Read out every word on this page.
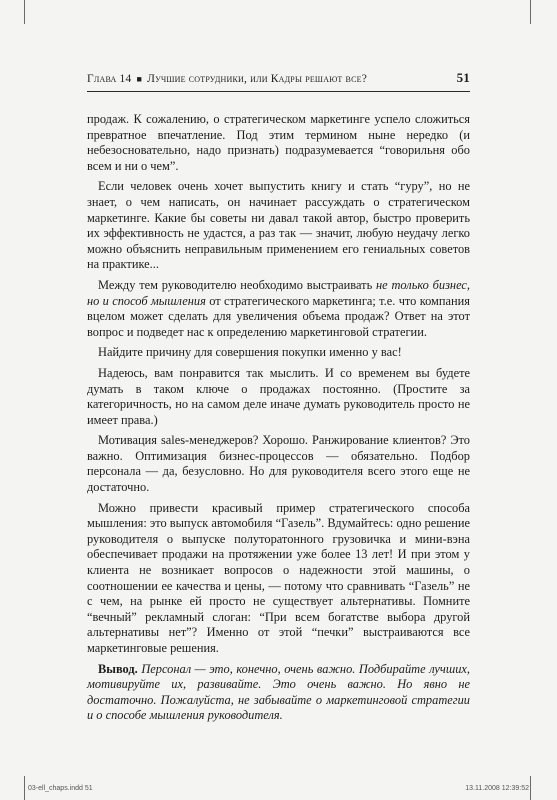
Глава 14 ■ Лучшие сотрудники, или Кадры решают все?	51

продаж. К сожалению, о стратегическом маркетинге успело сложиться превратное впечатление. Под этим термином ныне нередко (и небезосновательно, надо признать) подразумевается “говорильня обо всем и ни о чем”.

Если человек очень хочет выпустить книгу и стать “гуру”, но не знает, о чем написать, он начинает рассуждать о стратегическом маркетинге. Какие бы советы ни давал такой автор, быстро проверить их эффективность не удастся, а раз так — значит, любую неудачу легко можно объяснить неправильным применением его гениальных советов на практике...

Между тем руководителю необходимо выстраивать не только бизнес, но и способ мышления от стратегического маркетинга; т.е. что компания вцелом может сделать для увеличения объема продаж? Ответ на этот вопрос и подведет нас к определению маркетинговой стратегии.

Найдите причину для совершения покупки именно у вас!

Надеюсь, вам понравится так мыслить. И со временем вы будете думать в таком ключе о продажах постоянно. (Простите за категоричность, но на самом деле иначе думать руководитель просто не имеет права.)

Мотивация sales-менеджеров? Хорошо. Ранжирование клиентов? Это важно. Оптимизация бизнес-процессов — обязательно. Подбор персонала — да, безусловно. Но для руководителя всего этого еще не достаточно.

Можно привести красивый пример стратегического способа мышления: это выпуск автомобиля “Газель”. Вдумайтесь: одно решение руководителя о выпуске полуторатонного грузовичка и мини-вэна обеспечивает продажи на протяжении уже более 13 лет! И при этом у клиента не возникает вопросов о надежности этой машины, о соотношении ее качества и цены, — потому что сравнивать “Газель” не с чем, на рынке ей просто не существует альтернативы. Помните “вечный” рекламный слоган: “При всем богатстве выбора другой альтернативы нет”? Именно от этой “печки” выстраиваются все маркетинговые решения.

Вывод. Персонал — это, конечно, очень важно. Подбирайте лучших, мотивируйте их, развивайте. Это очень важно. Но явно не достаточно. Пожалуйста, не забывайте о маркетинговой стратегии и о способе мышления руководителя.

03-ell_chaps.indd 51	13.11.2008 12:39:52
